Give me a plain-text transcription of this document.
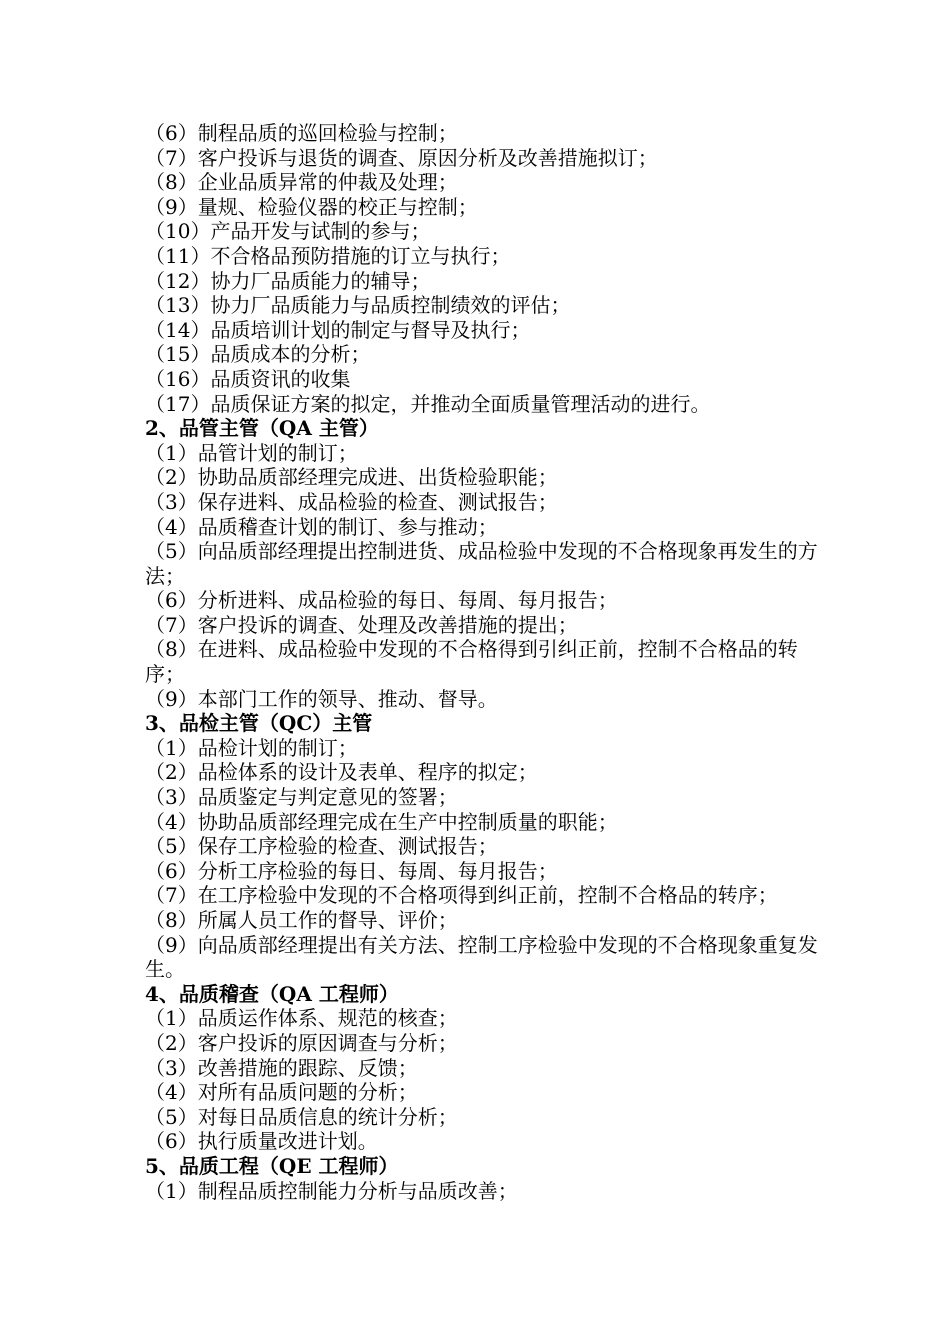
（6）制程品质的巡回检验与控制；
（7）客户投诉与退货的调查、原因分析及改善措施拟订；
（8）企业品质异常的仲裁及处理；
（9）量规、检验仪器的校正与控制；
（10）产品开发与试制的参与；
（11）不合格品预防措施的订立与执行；
（12）协力厂品质能力的辅导；
（13）协力厂品质能力与品质控制绩效的评估；
（14）品质培训计划的制定与督导及执行；
（15）品质成本的分析；
（16）品质资讯的收集
（17）品质保证方案的拟定，并推动全面质量管理活动的进行。
2、品管主管（QA 主管）
（1）品管计划的制订；
（2）协助品质部经理完成进、出货检验职能；
（3）保存进料、成品检验的检查、测试报告；
（4）品质稽查计划的制订、参与推动；
（5）向品质部经理提出控制进货、成品检验中发现的不合格现象再发生的方法；
（6）分析进料、成品检验的每日、每周、每月报告；
（7）客户投诉的调查、处理及改善措施的提出；
（8）在进料、成品检验中发现的不合格得到引纠正前，控制不合格品的转序；
（9）本部门工作的领导、推动、督导。
3、品检主管（QC）主管
（1）品检计划的制订；
（2）品检体系的设计及表单、程序的拟定；
（3）品质鉴定与判定意见的签署；
（4）协助品质部经理完成在生产中控制质量的职能；
（5）保存工序检验的检查、测试报告；
（6）分析工序检验的每日、每周、每月报告；
（7）在工序检验中发现的不合格项得到纠正前，控制不合格品的转序；
（8）所属人员工作的督导、评价；
（9）向品质部经理提出有关方法、控制工序检验中发现的不合格现象重复发生。
4、品质稽查（QA 工程师）
（1）品质运作体系、规范的核查；
（2）客户投诉的原因调查与分析；
（3）改善措施的跟踪、反馈；
（4）对所有品质问题的分析；
（5）对每日品质信息的统计分析；
（6）执行质量改进计划。
5、品质工程（QE 工程师）
（1）制程品质控制能力分析与品质改善；
